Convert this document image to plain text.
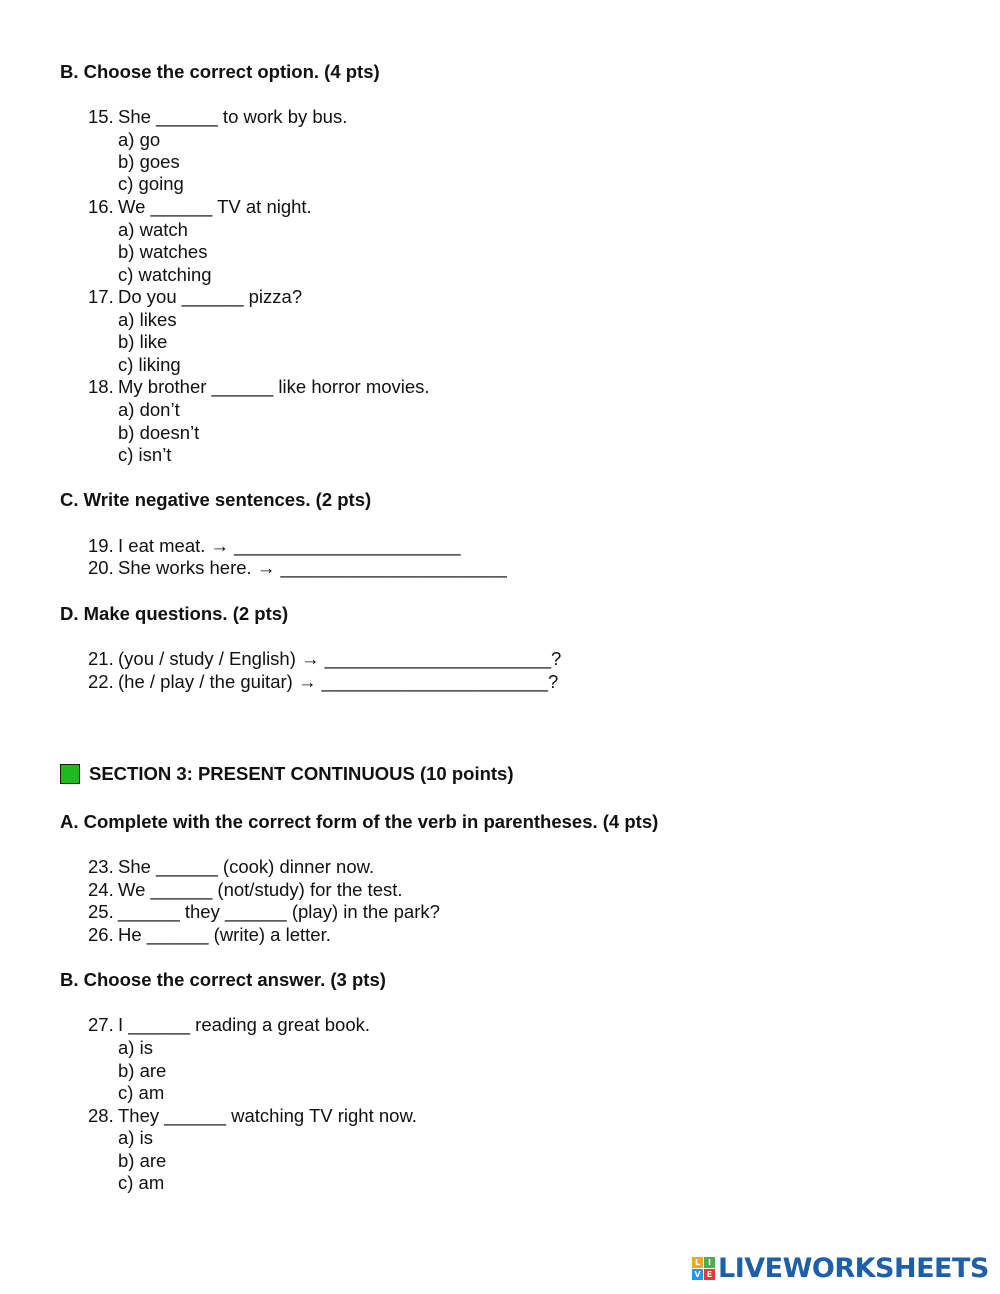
B. Choose the correct option. (4 pts)
15. She ______ to work by bus.
a) go
b) goes
c) going
16. We ______ TV at night.
a) watch
b) watches
c) watching
17. Do you ______ pizza?
a) likes
b) like
c) liking
18. My brother ______ like horror movies.
a) don’t
b) doesn’t
c) isn’t
C. Write negative sentences. (2 pts)
19. I eat meat. → ______________________
20. She works here. → ______________________
D. Make questions. (2 pts)
21. (you / study / English) → ______________________?
22. (he / play / the guitar) → ______________________?
SECTION 3: PRESENT CONTINUOUS (10 points)
A. Complete with the correct form of the verb in parentheses. (4 pts)
23. She ______ (cook) dinner now.
24. We ______ (not/study) for the test.
25. ______ they ______ (play) in the park?
26. He ______ (write) a letter.
B. Choose the correct answer. (3 pts)
27. I ______ reading a great book.
a) is
b) are
c) am
28. They ______ watching TV right now.
a) is
b) are
c) am
L I
V E LIVEWORKSHEETS
